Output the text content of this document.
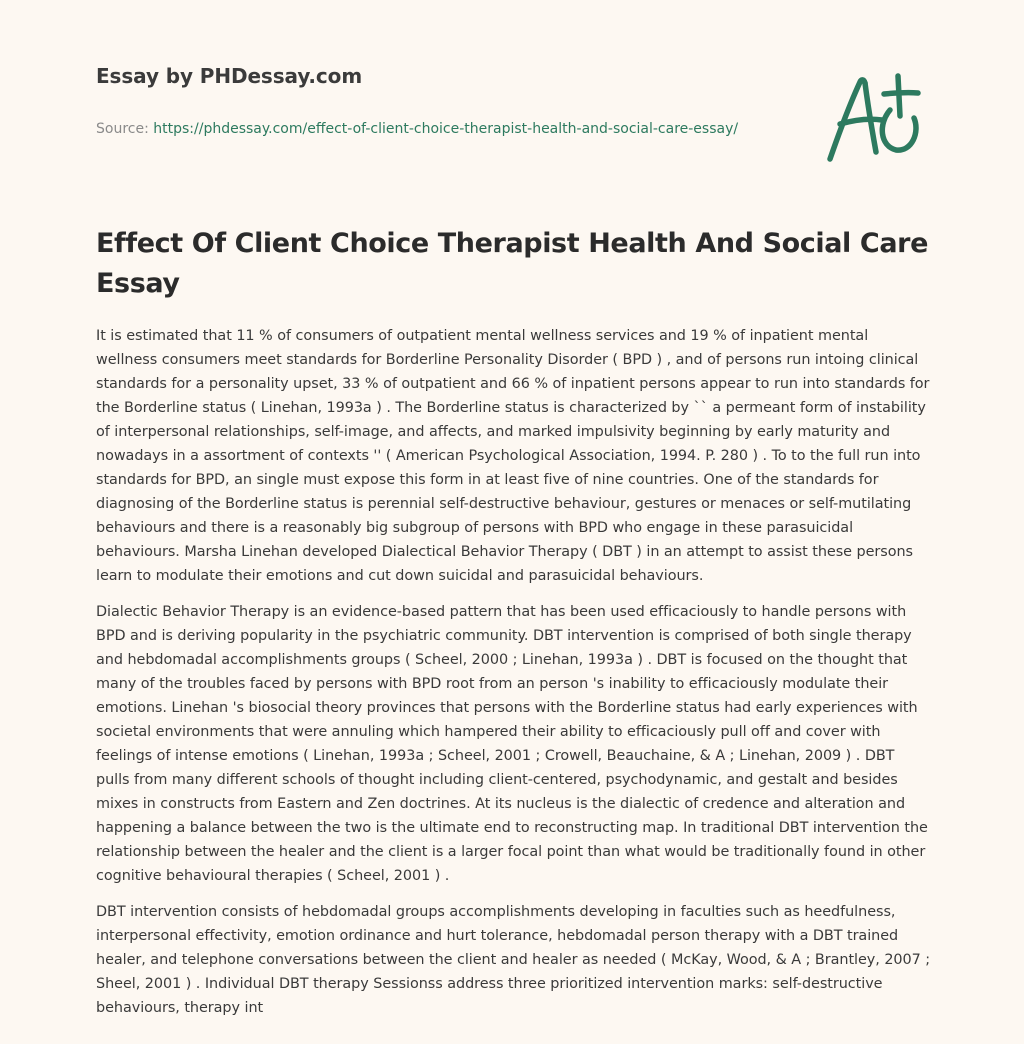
Essay by PHDessay.com
Source: https://phdessay.com/effect-of-client-choice-therapist-health-and-social-care-essay/
Effect Of Client Choice Therapist Health And Social Care Essay

It is estimated that 11 % of consumers of outpatient mental wellness services and 19 % of inpatient mental wellness consumers meet standards for Borderline Personality Disorder ( BPD ) , and of persons run intoing clinical standards for a personality upset, 33 % of outpatient and 66 % of inpatient persons appear to run into standards for the Borderline status ( Linehan, 1993a ) . The Borderline status is characterized by `` a permeant form of instability of interpersonal relationships, self-image, and affects, and marked impulsivity beginning by early maturity and nowadays in a assortment of contexts '' ( American Psychological Association, 1994. P. 280 ) . To to the full run into standards for BPD, an single must expose this form in at least five of nine countries. One of the standards for diagnosing of the Borderline status is perennial self-destructive behaviour, gestures or menaces or self-mutilating behaviours and there is a reasonably big subgroup of persons with BPD who engage in these parasuicidal behaviours. Marsha Linehan developed Dialectical Behavior Therapy ( DBT ) in an attempt to assist these persons learn to modulate their emotions and cut down suicidal and parasuicidal behaviours.

Dialectic Behavior Therapy is an evidence-based pattern that has been used efficaciously to handle persons with BPD and is deriving popularity in the psychiatric community. DBT intervention is comprised of both single therapy and hebdomadal accomplishments groups ( Scheel, 2000 ; Linehan, 1993a ) . DBT is focused on the thought that many of the troubles faced by persons with BPD root from an person 's inability to efficaciously modulate their emotions. Linehan 's biosocial theory provinces that persons with the Borderline status had early experiences with societal environments that were annuling which hampered their ability to efficaciously pull off and cover with feelings of intense emotions ( Linehan, 1993a ; Scheel, 2001 ; Crowell, Beauchaine, & A ; Linehan, 2009 ) . DBT pulls from many different schools of thought including client-centered, psychodynamic, and gestalt and besides mixes in constructs from Eastern and Zen doctrines. At its nucleus is the dialectic of credence and alteration and happening a balance between the two is the ultimate end to reconstructing map. In traditional DBT intervention the relationship between the healer and the client is a larger focal point than what would be traditionally found in other cognitive behavioural therapies ( Scheel, 2001 ) .

DBT intervention consists of hebdomadal groups accomplishments developing in faculties such as heedfulness, interpersonal effectivity, emotion ordinance and hurt tolerance, hebdomadal person therapy with a DBT trained healer, and telephone conversations between the client and healer as needed ( McKay, Wood, & A ; Brantley, 2007 ; Sheel, 2001 ) . Individual DBT therapy Sessionss address three prioritized intervention marks: self-destructive behaviours, therapy int
